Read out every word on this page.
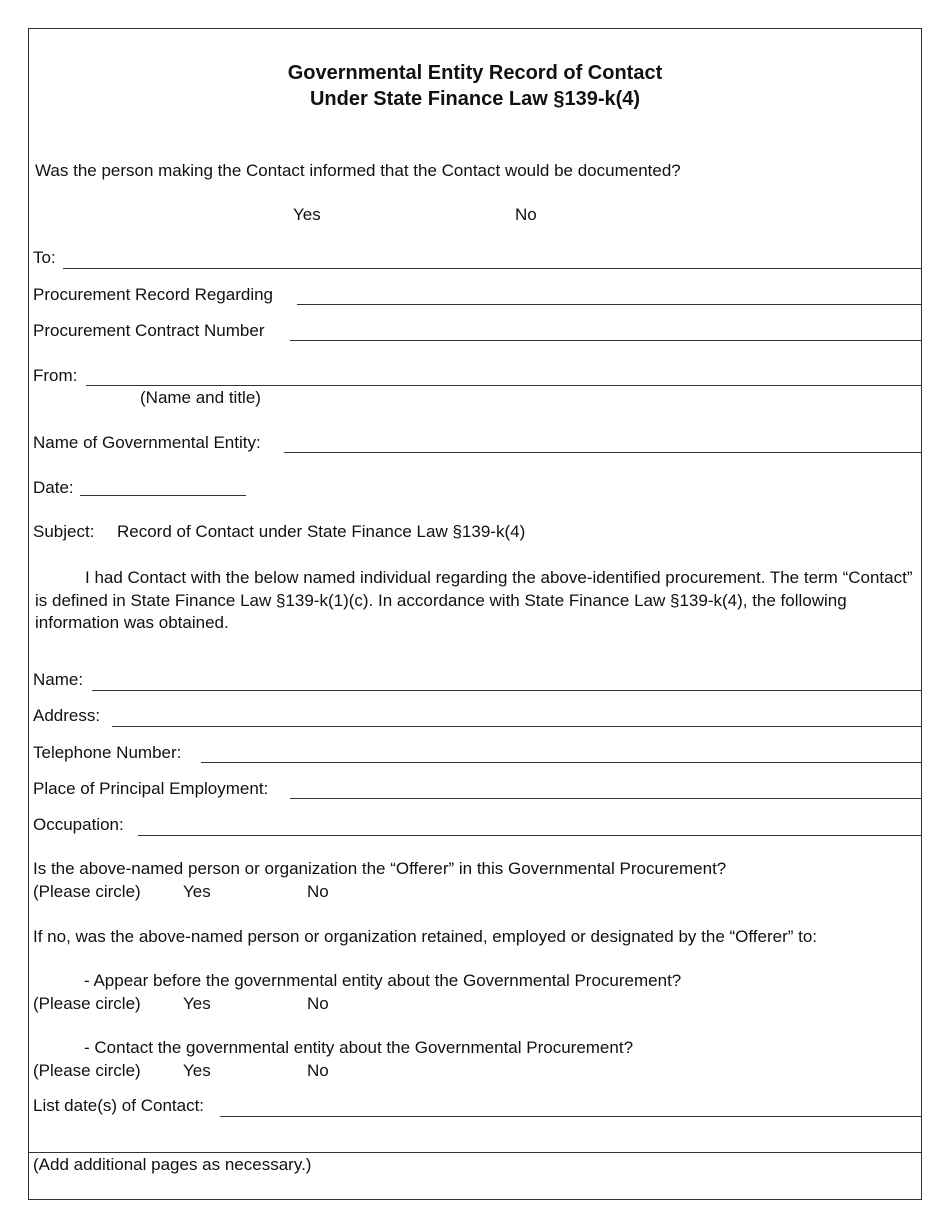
Governmental Entity Record of Contact
Under State Finance Law §139-k(4)
Was the person making the Contact informed that the Contact would be documented?
Yes	No
To:
Procurement Record Regarding
Procurement Contract Number
From:
(Name and title)
Name of Governmental Entity:
Date:
Subject: Record of Contact under State Finance Law §139-k(4)
I had Contact with the below named individual regarding the above-identified procurement. The term “Contact” is defined in State Finance Law §139-k(1)(c). In accordance with State Finance Law §139-k(4), the following information was obtained.
Name:
Address:
Telephone Number:
Place of Principal Employment:
Occupation:
Is the above-named person or organization the “Offerer” in this Governmental Procurement?
(Please circle) Yes	No
If no, was the above-named person or organization retained, employed or designated by the “Offerer” to:
- Appear before the governmental entity about the Governmental Procurement?
(Please circle) Yes	No
- Contact the governmental entity about the Governmental Procurement?
(Please circle) Yes	No
List date(s) of Contact:
(Add additional pages as necessary.)
